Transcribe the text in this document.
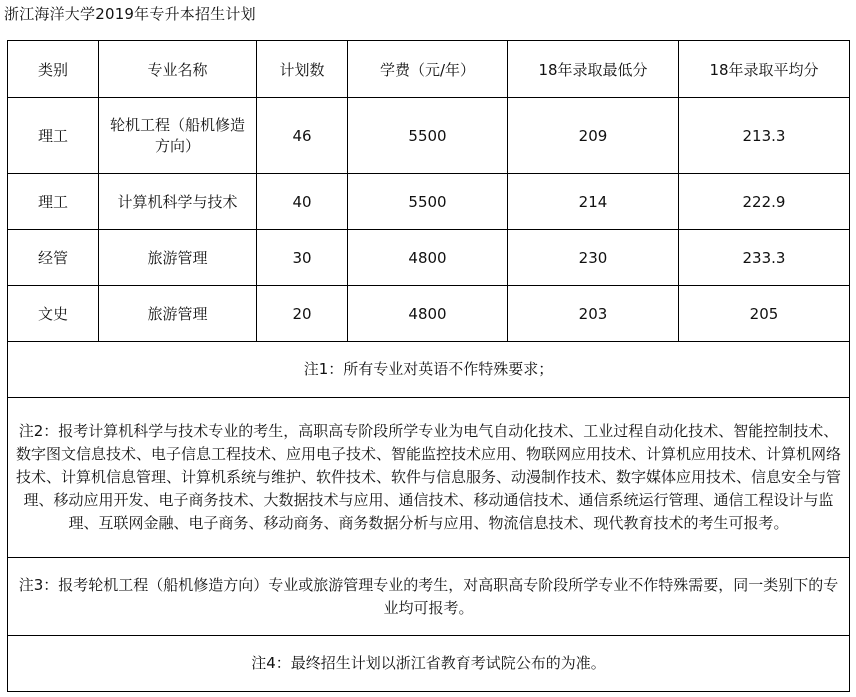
浙江海洋大学2019年专升本招生计划
类别	专业名称	计划数	学费（元/年）	18年录取最低分	18年录取平均分
理工	轮机工程（船机修造方向）	46	5500	209	213.3
理工	计算机科学与技术	40	5500	214	222.9
经管	旅游管理	30	4800	230	233.3
文史	旅游管理	20	4800	203	205
注1：所有专业对英语不作特殊要求；					
注2：报考计算机科学与技术专业的考生，高职高专阶段所学专业为电气自动化技术、工业过程自动化技术、智能控制技术、数字图文信息技术、电子信息工程技术、应用电子技术、智能监控技术应用、物联网应用技术、计算机应用技术、计算机网络技术、计算机信息管理、计算机系统与维护、软件技术、软件与信息服务、动漫制作技术、数字媒体应用技术、信息安全与管理、移动应用开发、电子商务技术、大数据技术与应用、通信技术、移动通信技术、通信系统运行管理、通信工程设计与监理、互联网金融、电子商务、移动商务、商务数据分析与应用、物流信息技术、现代教育技术的考生可报考。					
注3：报考轮机工程（船机修造方向）专业或旅游管理专业的考生，对高职高专阶段所学专业不作特殊需要，同一类别下的专业均可报考。					
注4：最终招生计划以浙江省教育考试院公布的为准。					
